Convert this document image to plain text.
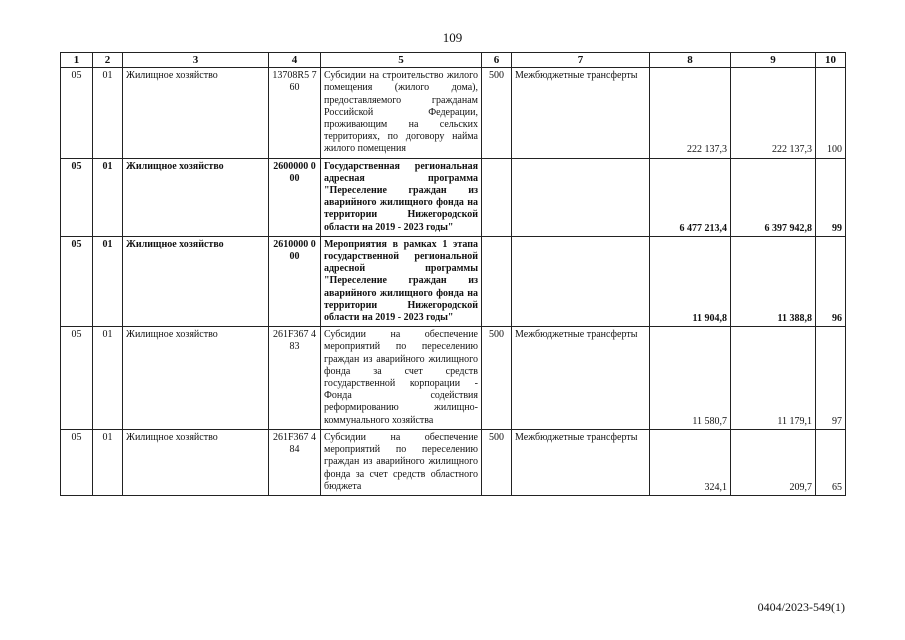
109
1	2	3	4	5	6	7	8	9	10
05	01	Жилищное хозяйство	13708R5 760	Субсидии на строительство жилого помещения (жилого дома), предоставляемого гражданам Российской Федерации, проживающим на сельских территориях, по договору найма жилого помещения	500	Межбюджетные трансферты	222 137,3	222 137,3	100
05	01	Жилищное хозяйство	2600000 000	Государственная региональная адресная программа "Переселение граждан из аварийного жилищного фонда на территории Нижегородской области на 2019 - 2023 годы"			6 477 213,4	6 397 942,8	99
05	01	Жилищное хозяйство	2610000 000	Мероприятия в рамках 1 этапа государственной региональной адресной программы "Переселение граждан из аварийного жилищного фонда на территории Нижегородской области на 2019 - 2023 годы"			11 904,8	11 388,8	96
05	01	Жилищное хозяйство	261F367 483	Субсидии на обеспечение мероприятий по переселению граждан из аварийного жилищного фонда за счет средств государственной корпорации - Фонда содействия реформированию жилищно-коммунального хозяйства	500	Межбюджетные трансферты	11 580,7	11 179,1	97
05	01	Жилищное хозяйство	261F367 484	Субсидии на обеспечение мероприятий по переселению граждан из аварийного жилищного фонда за счет средств областного бюджета	500	Межбюджетные трансферты	324,1	209,7	65
0404/2023-549(1)
